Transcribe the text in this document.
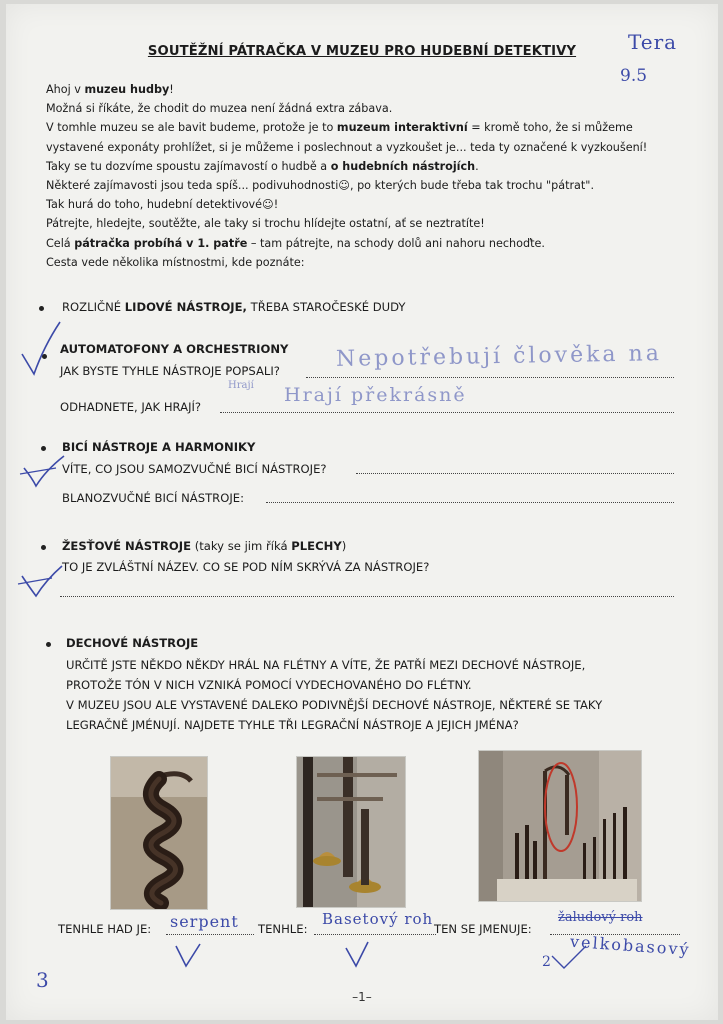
SOUTĚŽNÍ PÁTRAČKA V MUZEU PRO HUDEBNÍ DETEKTIVY	Tera
9.5
Ahoj v muzeu hudby!
Možná si říkáte, že chodit do muzea není žádná extra zábava.
V tomhle muzeu se ale bavit budeme, protože je to muzeum interaktivní = kromě toho, že si můžeme
vystavené exponáty prohlížet, si je můžeme i poslechnout a vyzkoušet je... teda ty označené k vyzkoušení!
Taky se tu dozvíme spoustu zajímavostí o hudbě a o hudebních nástrojích.
Některé zajímavosti jsou teda spíš... podivuhodnosti☺, po kterých bude třeba tak trochu "pátrat".
Tak hurá do toho, hudební detektivové☺!
Pátrejte, hledejte, soutěžte, ale taky si trochu hlídejte ostatní, ať se neztratíte!
Celá pátračka probíhá v 1. patře – tam pátrejte, na schody dolů ani nahoru nechoďte.
Cesta vede několika místnostmi, kde poznáte:
ROZLIČNÉ LIDOVÉ NÁSTROJE, TŘEBA STAROČESKÉ DUDY
AUTOMATOFONY A ORCHESTRIONY
JAK BYSTE TYHLE NÁSTROJE POPSALI?	Nepotřebují člověka na
ODHADNETE, JAK HRAJÍ?
Hrají Hrají překrásně
BICÍ NÁSTROJE A HARMONIKY
VÍTE, CO JSOU SAMOZVUČNÉ BICÍ NÁSTROJE?
BLANOZVUČNÉ BICÍ NÁSTROJE:
ŽESŤOVÉ NÁSTROJE (taky se jim říká PLECHY)
TO JE ZVLÁŠTNÍ NÁZEV. CO SE POD NÍM SKRÝVÁ ZA NÁSTROJE?
DECHOVÉ NÁSTROJE
URČITĚ JSTE NĚKDO NĚKDY HRÁL NA FLÉTNY A VÍTE, ŽE PATŘÍ MEZI DECHOVÉ NÁSTROJE,
PROTOŽE TÓN V NICH VZNIKÁ POMOCÍ VYDECHOVANÉHO DO FLÉTNY.
V MUZEU JSOU ALE VYSTAVENÉ DALEKO PODIVNĚJŠÍ DECHOVÉ NÁSTROJE, NĚKTERÉ SE TAKY
LEGRAČNĚ JMÉNUJÍ. NAJDETE TYHLE TŘI LEGRAČNÍ NÁSTROJE A JEJICH JMÉNA?
TENHLE HAD JE: serpent TENHLE:
Basetový roh
TEN SE JMENUJE:
žaludový roh
velkobasový
3
2
–1–
